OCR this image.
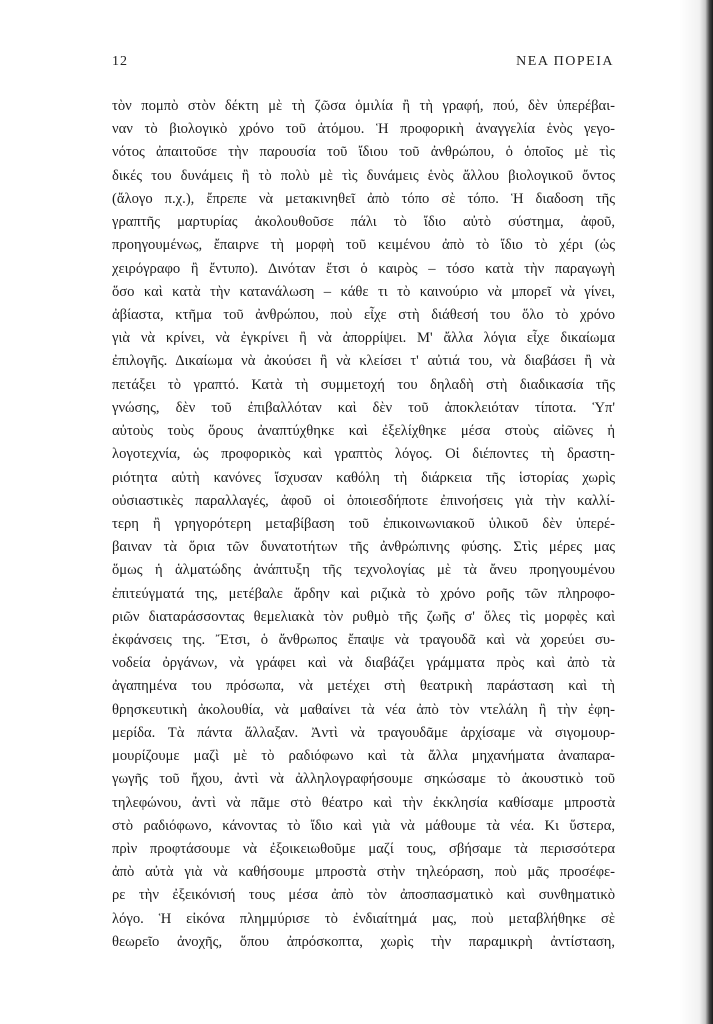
12	ΝΕΑ ΠΟΡΕΙΑ
τὸν πομπὸ στὸν δέκτη μὲ τὴ ζῶσα ὁμιλία ἢ τὴ γραφή, πού, δὲν ὑπερέβαι-
ναν τὸ βιολογικὸ χρόνο τοῦ ἀτόμου. Ἡ προφορικὴ ἀναγγελία ἑνὸς γεγο-
νότος ἀπαιτοῦσε τὴν παρουσία τοῦ ἴδιου τοῦ ἀνθρώπου, ὁ ὁποῖος μὲ τὶς
δικές του δυνάμεις ἢ τὸ πολὺ μὲ τὶς δυνάμεις ἑνὸς ἄλλου βιολογικοῦ ὄντος
(ἄλογο π.χ.), ἔπρεπε νὰ μετακινηθεῖ ἀπὸ τόπο σὲ τόπο. Ἡ διαδοση τῆς
γραπτῆς μαρτυρίας ἀκολουθοῦσε πάλι τὸ ἴδιο αὐτὸ σύστημα, ἀφοῦ,
προηγουμένως, ἔπαιρνε τὴ μορφὴ τοῦ κειμένου ἀπὸ τὸ ἴδιο τὸ χέρι (ὡς
χειρόγραφο ἢ ἔντυπο). Δινόταν ἔτσι ὁ καιρὸς – τόσο κατὰ τὴν παραγωγὴ
ὅσο καὶ κατὰ τὴν κατανάλωση – κάθε τι τὸ καινούριο νὰ μπορεῖ νὰ γίνει,
ἀβίαστα, κτῆμα τοῦ ἀνθρώπου, ποὺ εἶχε στὴ διάθεσή του ὅλο τὸ χρόνο
γιὰ νὰ κρίνει, νὰ ἐγκρίνει ἢ νὰ ἀπορρίψει. Μ' ἄλλα λόγια εἶχε δικαίωμα
ἐπιλογῆς. Δικαίωμα νὰ ἀκούσει ἢ νὰ κλείσει τ' αὐτιά του, νὰ διαβάσει ἢ νὰ
πετάξει τὸ γραπτό. Κατὰ τὴ συμμετοχή του δηλαδὴ στὴ διαδικασία τῆς
γνώσης, δὲν τοῦ ἐπιβαλλόταν καὶ δὲν τοῦ ἀποκλειόταν τίποτα. Ὑπ'
αὐτοὺς τοὺς ὅρους ἀναπτύχθηκε καὶ ἐξελίχθηκε μέσα στοὺς αἰῶνες ἡ
λογοτεχνία, ὡς προφορικὸς καὶ γραπτὸς λόγος. Οἱ διέποντες τὴ δραστη-
ριότητα αὐτὴ κανόνες ἴσχυσαν καθόλη τὴ διάρκεια τῆς ἱστορίας χωρὶς
οὐσιαστικὲς παραλλαγές, ἀφοῦ οἱ ὁποιεσδήποτε ἐπινοήσεις γιὰ τὴν καλλί-
τερη ἢ γρηγορότερη μεταβίβαση τοῦ ἐπικοινωνιακοῦ ὑλικοῦ δὲν ὑπερέ-
βαιναν τὰ ὅρια τῶν δυνατοτήτων τῆς ἀνθρώπινης φύσης. Στὶς μέρες μας
ὅμως ἡ ἁλματώδης ἀνάπτυξη τῆς τεχνολογίας μὲ τὰ ἄνευ προηγουμένου
ἐπιτεύγματά της, μετέβαλε ἄρδην καὶ ριζικὰ τὸ χρόνο ροῆς τῶν πληροφο-
ριῶν διαταράσσοντας θεμελιακὰ τὸν ρυθμὸ τῆς ζωῆς σ' ὅλες τὶς μορφὲς καὶ
ἐκφάνσεις της. Ἔτσι, ὁ ἄνθρωπος ἔπαψε νὰ τραγουδᾶ καὶ νὰ χορεύει συ-
νοδεία ὀργάνων, νὰ γράφει καὶ νὰ διαβάζει γράμματα πρὸς καὶ ἀπὸ τὰ
ἀγαπημένα του πρόσωπα, νὰ μετέχει στὴ θεατρικὴ παράσταση καὶ τὴ
θρησκευτικὴ ἀκολουθία, νὰ μαθαίνει τὰ νέα ἀπὸ τὸν ντελάλη ἢ τὴν ἐφη-
μερίδα. Τὰ πάντα ἄλλαξαν. Ἀντὶ νὰ τραγουδᾶμε ἀρχίσαμε νὰ σιγομουρ-
μουρίζουμε μαζὶ μὲ τὸ ραδιόφωνο καὶ τὰ ἄλλα μηχανήματα ἀναπαρα-
γωγῆς τοῦ ἤχου, ἀντὶ νὰ ἀλληλογραφήσουμε σηκώσαμε τὸ ἀκουστικὸ τοῦ
τηλεφώνου, ἀντὶ νὰ πᾶμε στὸ θέατρο καὶ τὴν ἐκκλησία καθίσαμε μπροστὰ
στὸ ραδιόφωνο, κάνοντας τὸ ἴδιο καὶ γιὰ νὰ μάθουμε τὰ νέα. Κι ὕστερα,
πρὶν προφτάσουμε νὰ ἐξοικειωθοῦμε μαζί τους, σβήσαμε τὰ περισσότερα
ἀπὸ αὐτὰ γιὰ νὰ καθήσουμε μπροστὰ στὴν τηλεόραση, ποὺ μᾶς προσέφε-
ρε τὴν ἐξεικόνισή τους μέσα ἀπὸ τὸν ἀποσπασματικὸ καὶ συνθηματικὸ
λόγο. Ἡ εἰκόνα πλημμύρισε τὸ ἐνδιαίτημά μας, ποὺ μεταβλήθηκε σὲ
θεωρεῖο ἀνοχῆς, ὅπου ἀπρόσκοπτα, χωρὶς τὴν παραμικρὴ ἀντίσταση,
